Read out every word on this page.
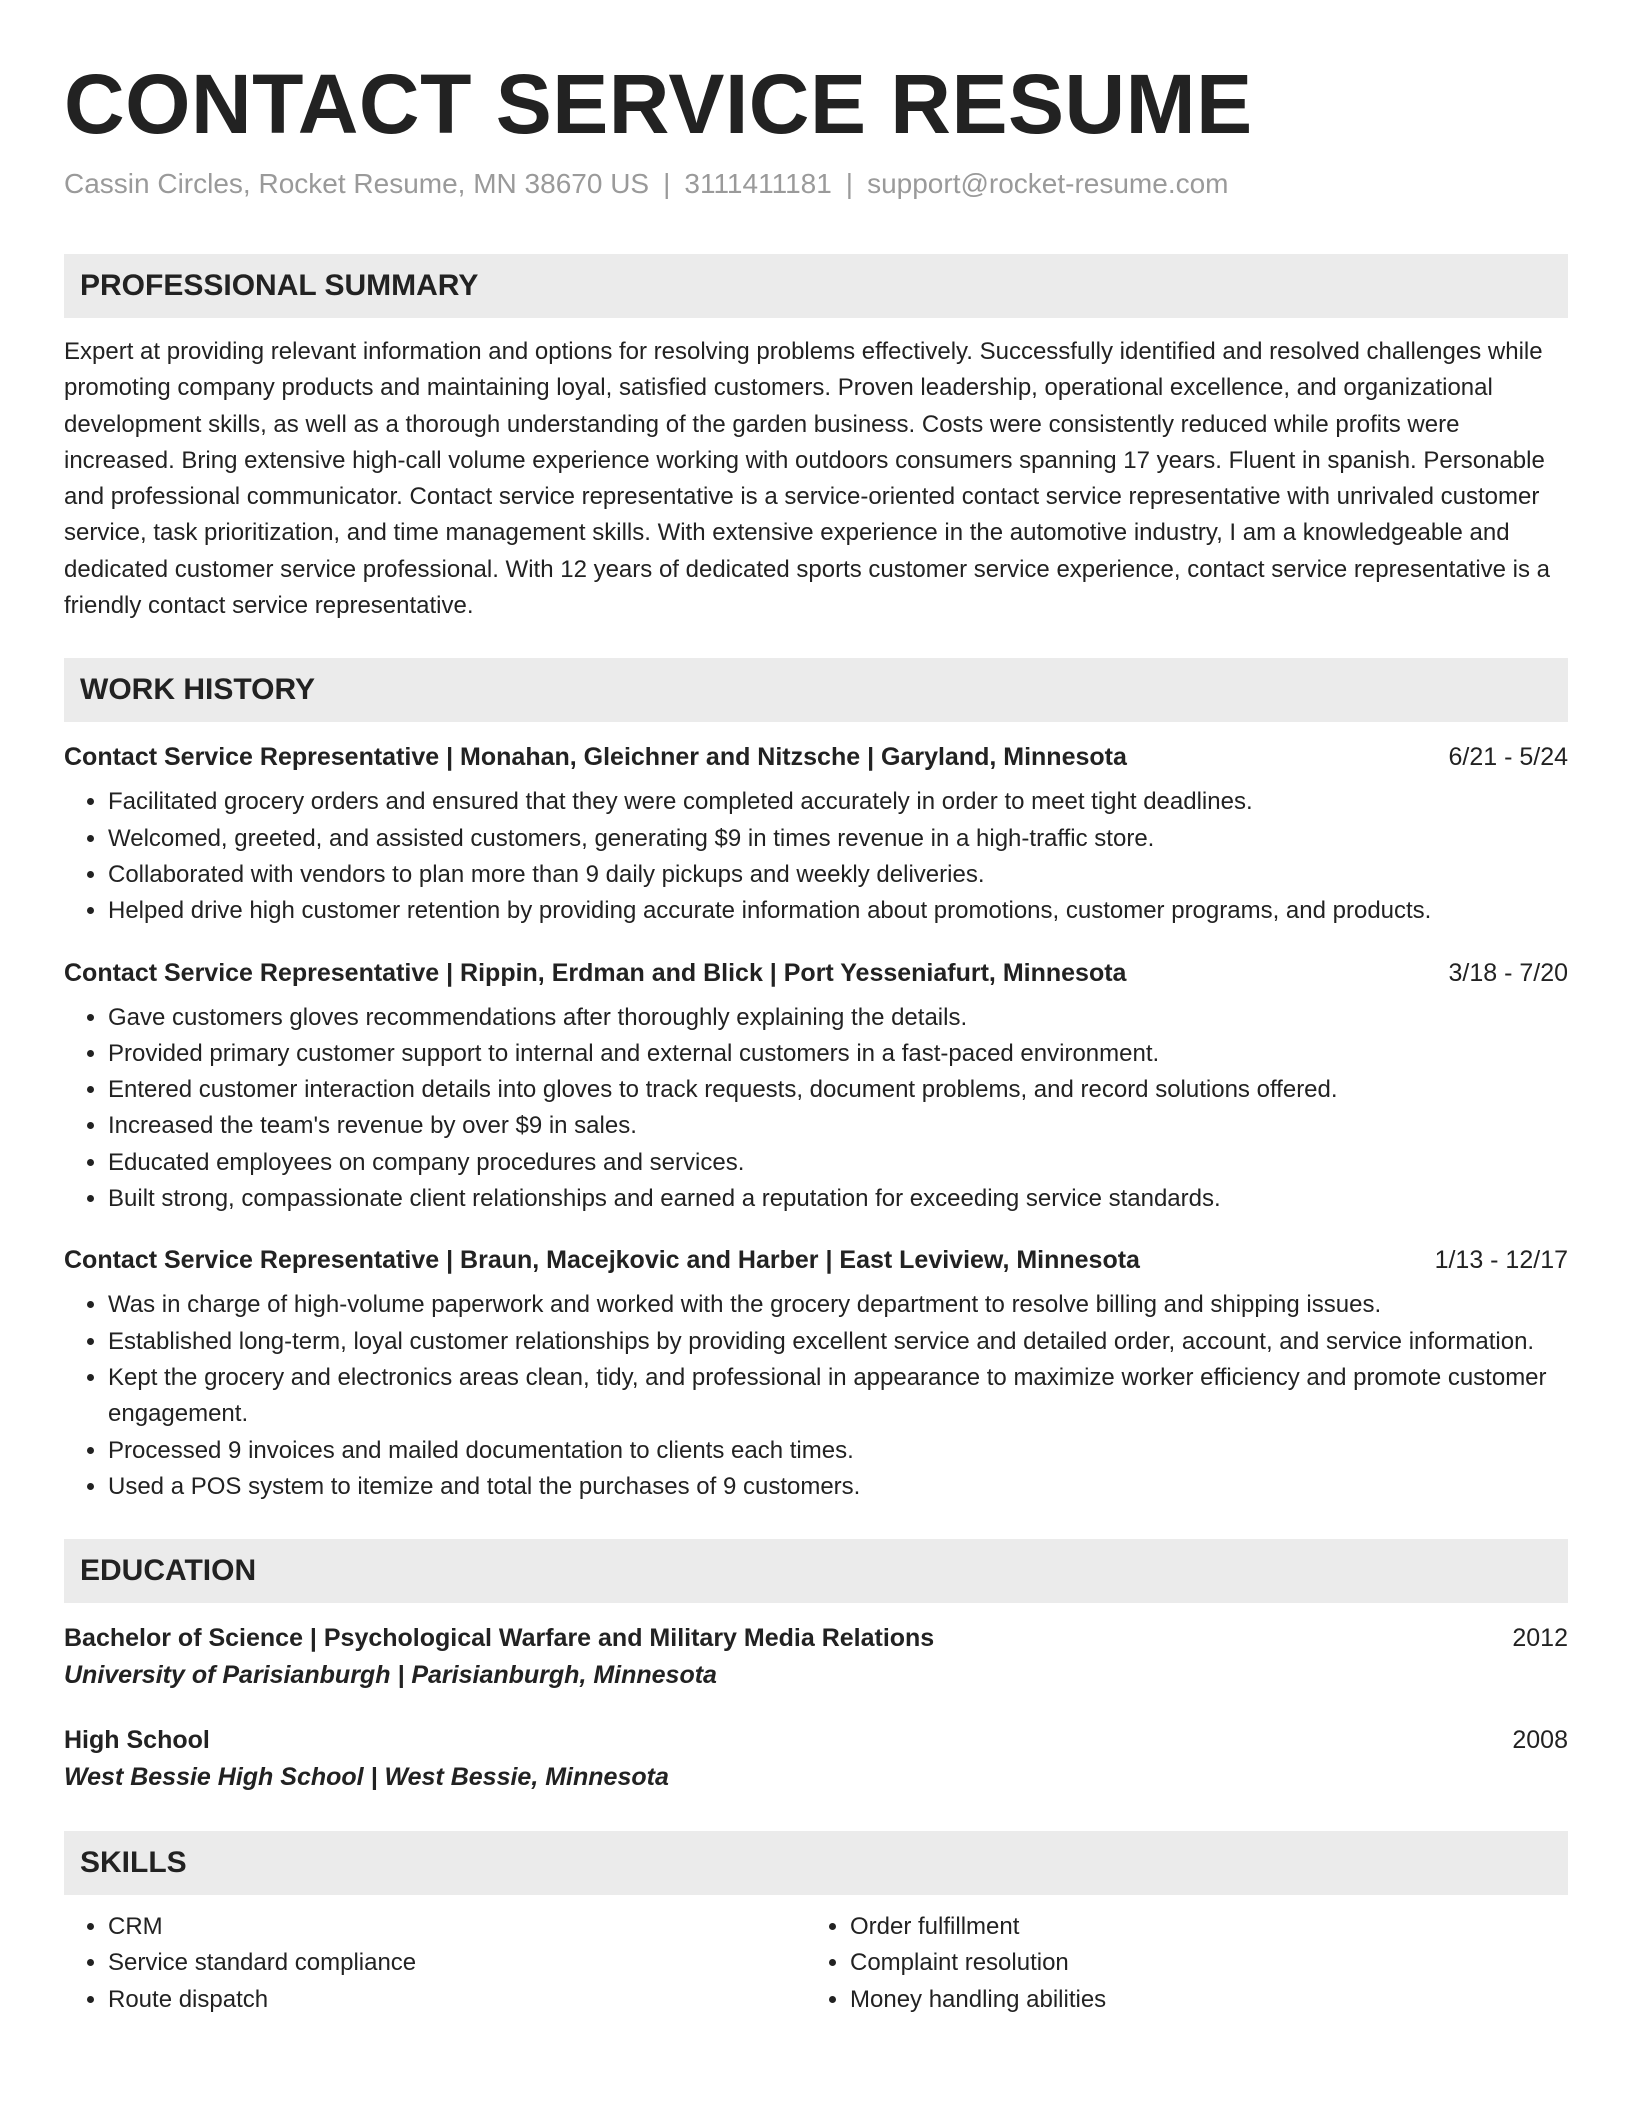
CONTACT SERVICE RESUME
Cassin Circles, Rocket Resume, MN 38670 US | 3111411181 | support@rocket-resume.com
PROFESSIONAL SUMMARY

Expert at providing relevant information and options for resolving problems effectively. Successfully identified and resolved challenges while promoting company products and maintaining loyal, satisfied customers. Proven leadership, operational excellence, and organizational development skills, as well as a thorough understanding of the garden business. Costs were consistently reduced while profits were increased. Bring extensive high-call volume experience working with outdoors consumers spanning 17 years. Fluent in spanish. Personable and professional communicator. Contact service representative is a service-oriented contact service representative with unrivaled customer service, task prioritization, and time management skills. With extensive experience in the automotive industry, I am a knowledgeable and dedicated customer service professional. With 12 years of dedicated sports customer service experience, contact service representative is a friendly contact service representative.

WORK HISTORY
Contact Service Representative | Monahan, Gleichner and Nitzsche | Garyland, Minnesota	6/21 - 5/24
• Facilitated grocery orders and ensured that they were completed accurately in order to meet tight deadlines.
• Welcomed, greeted, and assisted customers, generating $9 in times revenue in a high-traffic store.
• Collaborated with vendors to plan more than 9 daily pickups and weekly deliveries.
• Helped drive high customer retention by providing accurate information about promotions, customer programs, and products.
Contact Service Representative | Rippin, Erdman and Blick | Port Yesseniafurt, Minnesota	3/18 - 7/20
• Gave customers gloves recommendations after thoroughly explaining the details.
• Provided primary customer support to internal and external customers in a fast-paced environment.
• Entered customer interaction details into gloves to track requests, document problems, and record solutions offered.
• Increased the team's revenue by over $9 in sales.
• Educated employees on company procedures and services.
• Built strong, compassionate client relationships and earned a reputation for exceeding service standards.
Contact Service Representative | Braun, Macejkovic and Harber | East Leviview, Minnesota	1/13 - 12/17
• Was in charge of high-volume paperwork and worked with the grocery department to resolve billing and shipping issues.
• Established long-term, loyal customer relationships by providing excellent service and detailed order, account, and service information.
• Kept the grocery and electronics areas clean, tidy, and professional in appearance to maximize worker efficiency and promote customer engagement.
• Processed 9 invoices and mailed documentation to clients each times.
• Used a POS system to itemize and total the purchases of 9 customers.
EDUCATION
Bachelor of Science | Psychological Warfare and Military Media Relations	2012
University of Parisianburgh | Parisianburgh, Minnesota
High School	2008
West Bessie High School | West Bessie, Minnesota
SKILLS
• CRM
• Service standard compliance
• Route dispatch
• Order fulfillment
• Complaint resolution
• Money handling abilities
